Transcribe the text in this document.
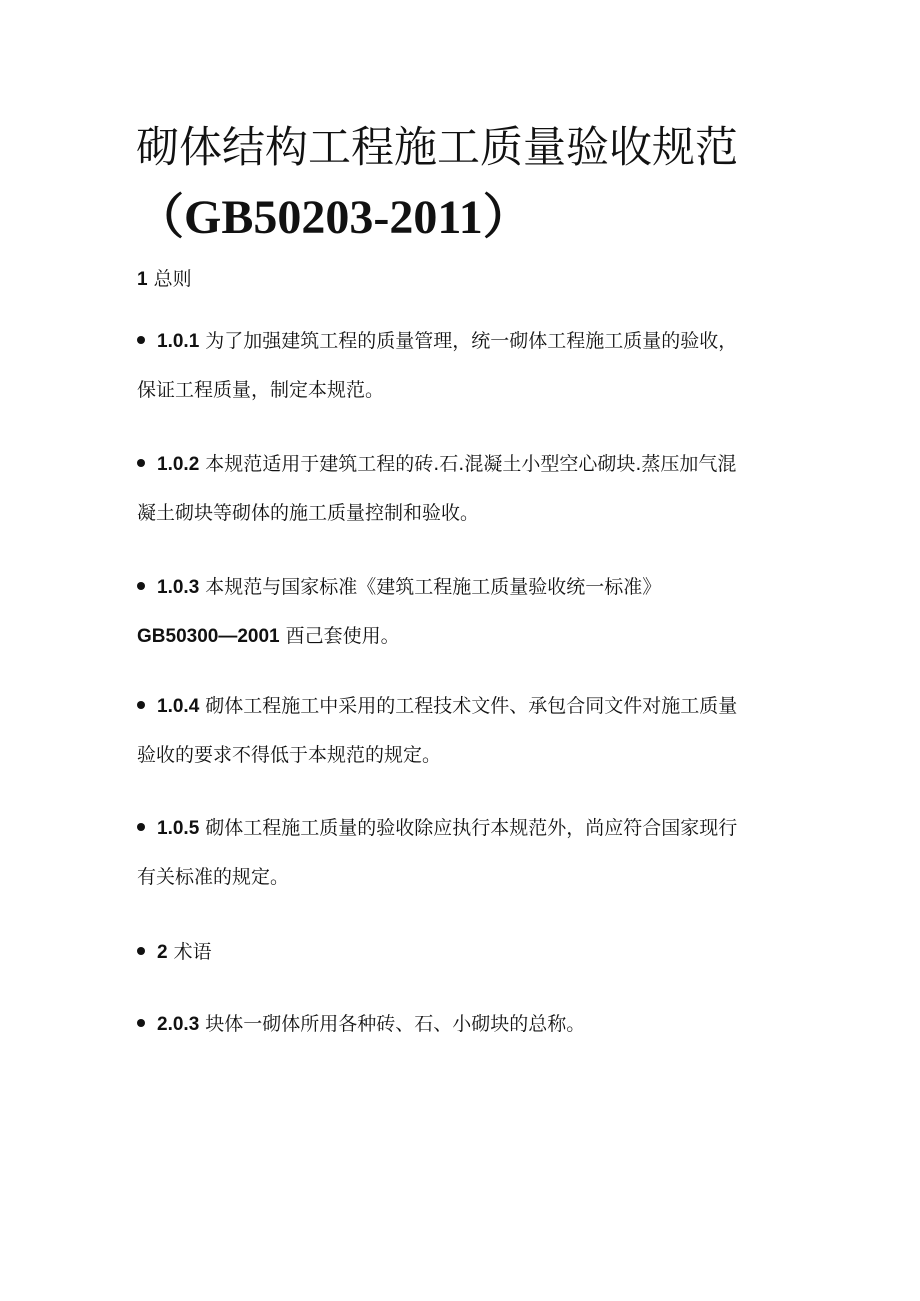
砌体结构工程施工质量验收规范
（GB50203-2011）

1 总则

1.0.1 为了加强建筑工程的质量管理，统一砌体工程施工质量的验收，
保证工程质量，制定本规范。
1.0.2 本规范适用于建筑工程的砖.石.混凝土小型空心砌块.蒸压加气混
凝土砌块等砌体的施工质量控制和验收。
1.0.3 本规范与国家标准《建筑工程施工质量验收统一标准》
GB50300—2001 酉己套使用。
1.0.4 砌体工程施工中采用的工程技术文件、承包合同文件对施工质量
验收的要求不得低于本规范的规定。
1.0.5 砌体工程施工质量的验收除应执行本规范外，尚应符合国家现行
有关标准的规定。
2 术语
2.0.3 块体一砌体所用各种砖、石、小砌块的总称。
